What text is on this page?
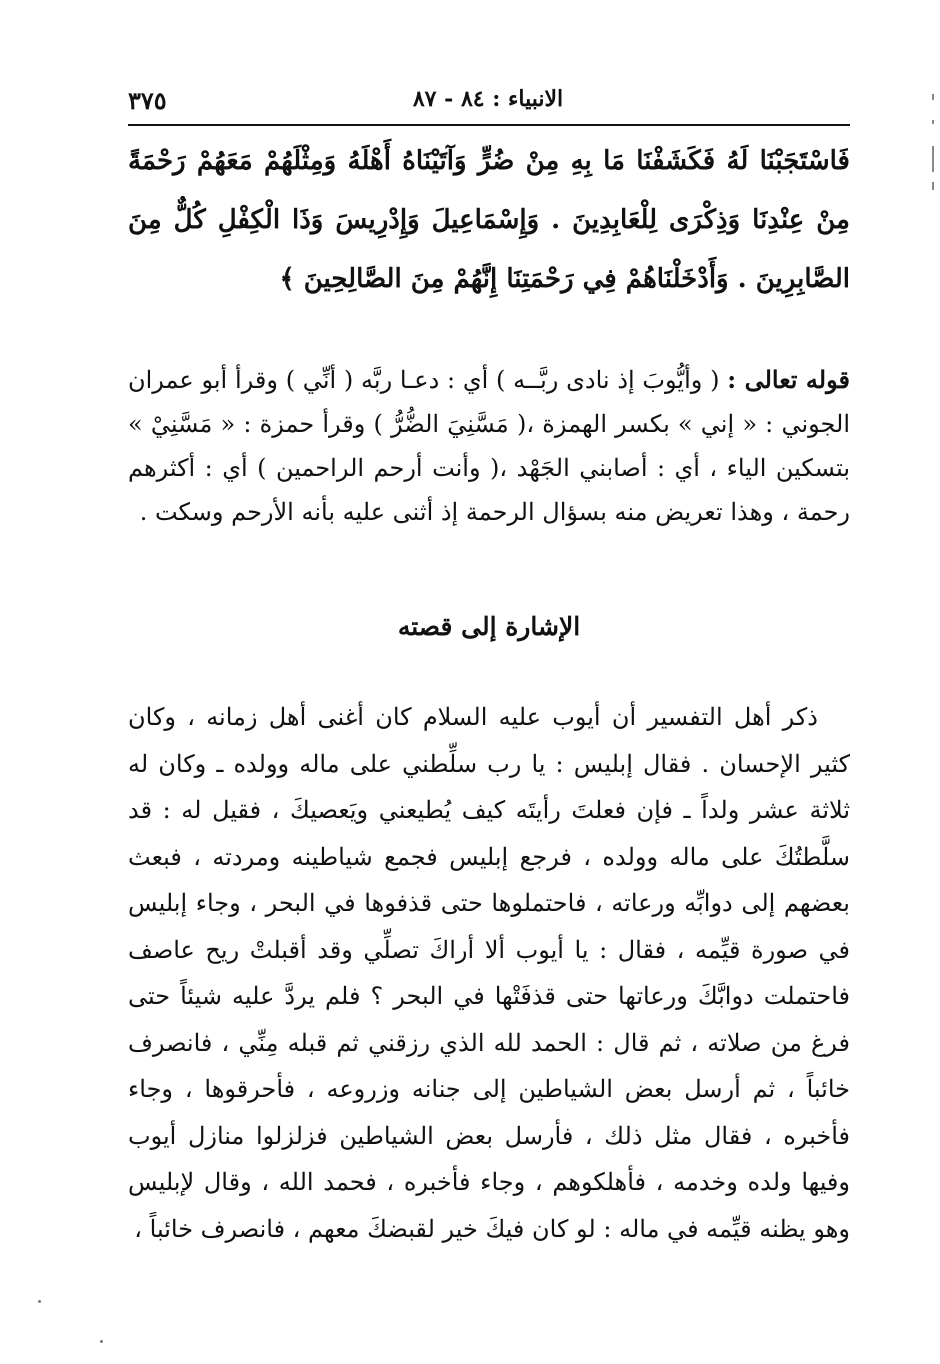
الانبياء : ٨٤ - ٨٧
٣٧٥
فَاسْتَجَبْنَا لَهُ فَكَشَفْنَا مَا بِهِ مِنْ ضُرٍّ وَآتَيْنَاهُ أَهْلَهُ وَمِثْلَهُمْ مَعَهُمْ رَحْمَةً مِنْ عِنْدِنَا وَذِكْرَى لِلْعَابِدِينَ . وَإِسْمَاعِيلَ وَإِدْرِيسَ وَذَا الْكِفْلِ كُلٌّ مِنَ الصَّابِرِينَ . وَأَدْخَلْنَاهُمْ فِي رَحْمَتِنَا إِنَّهُمْ مِنَ الصَّالِحِينَ ﴾
قوله تعالى : ( وأيُّوبَ إذ نادى ربَّــه ) أي : دعـا ربَّه ( أنِّي ) وقرأ أبو عمران الجوني : « إني » بكسر الهمزة ،( مَسَّنِيَ الضُّرُّ ) وقرأ حمزة : « مَسَّنِيْ » بتسكين الياء ، أي : أصابني الجَهْد ،( وأنت أرحم الراحمين ) أي : أكثرهم رحمة ، وهذا تعريض منه بسؤال الرحمة إذ أثنى عليه بأنه الأرحم وسكت .
الإشارة إلى قصته

ذكر أهل التفسير أن أيوب عليه السلام كان أغنى أهل زمانه ، وكان كثير الإحسان . فقال إبليس : يا رب سلِّطني على ماله وولده ـ وكان له ثلاثة عشر ولداً ـ فإن فعلتَ رأيتَه كيف يُطيعني ويَعصيكَ ، فقيل له : قد سلَّطتُكَ على ماله وولده ، فرجع إبليس فجمع شياطينه ومردته ، فبعث بعضهم إلى دوابِّه ورعاته ، فاحتملوها حتى قذفوها في البحر ، وجاء إبليس في صورة قيِّمه ، فقال : يا أيوب ألا أراكَ تصلِّي وقد أقبلتْ ريح عاصف فاحتملت دوابَّكَ ورعاتها حتى قذفَتْها في البحر ؟ فلم يردَّ عليه شيئاً حتى فرغ من صلاته ، ثم قال : الحمد لله الذي رزقني ثم قبله مِنِّي ، فانصرف خائباً ، ثم أرسل بعض الشياطين إلى جنانه وزروعه ، فأحرقوها ، وجاء فأخبره ، فقال مثل ذلك ، فأرسل بعض الشياطين فزلزلوا منازل أيوب وفيها ولده وخدمه ، فأهلكوهم ، وجاء فأخبره ، فحمد الله ، وقال لإبليس وهو يظنه قيِّمه في ماله : لو كان فيكَ خير لقبضكَ معهم ، فانصرف خائباً ،
